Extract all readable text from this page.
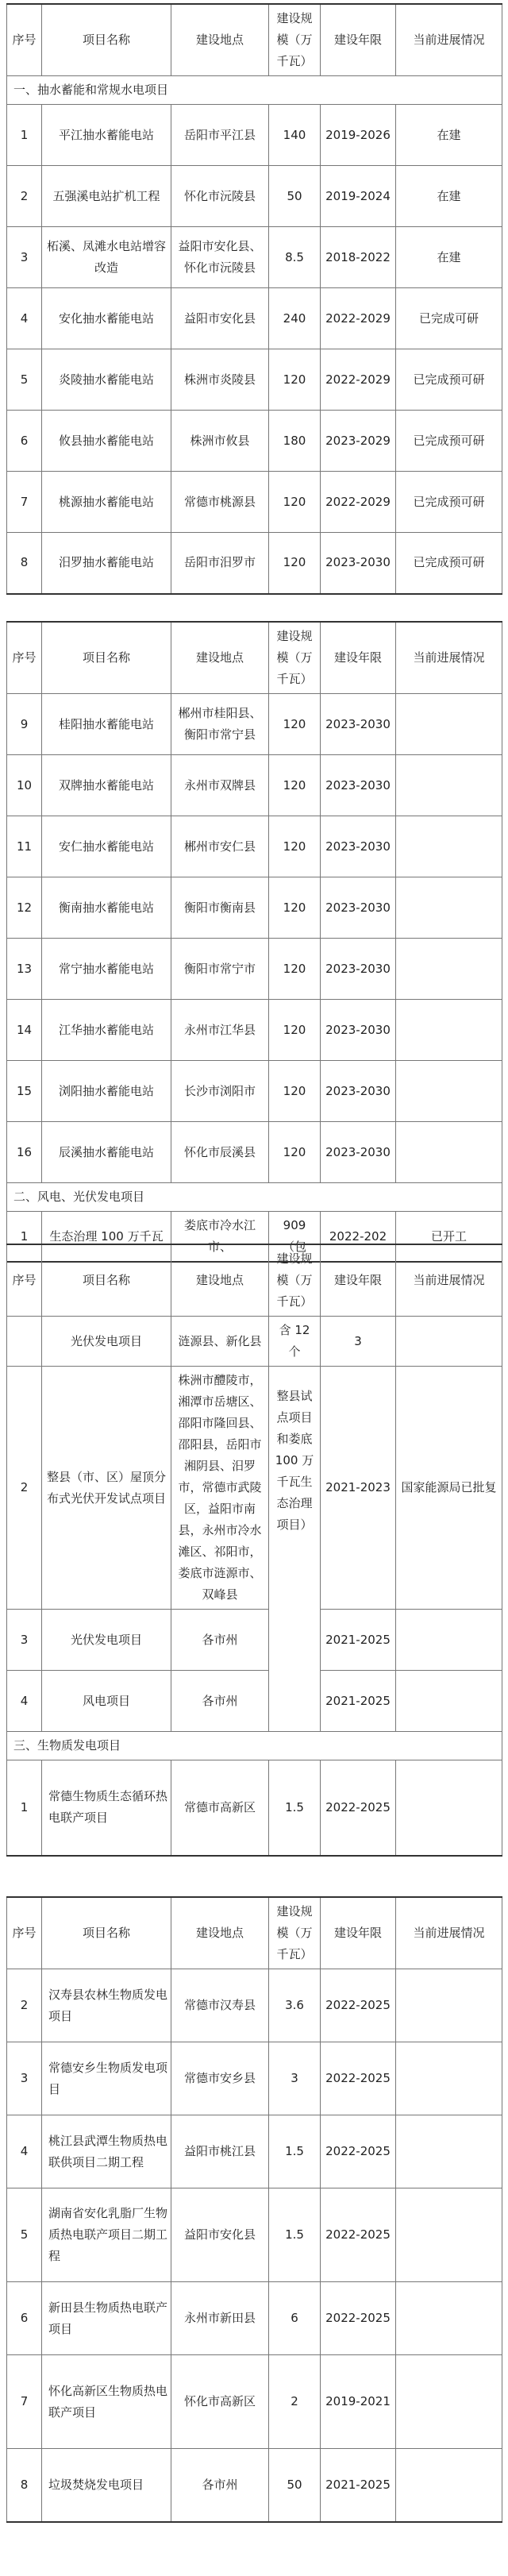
序号	项目名称	建设地点	建设规模（万千瓦）	建设年限	当前进展情况
一、抽水蓄能和常规水电项目					
1	平江抽水蓄能电站	岳阳市平江县	140	2019-2026	在建
2	五强溪电站扩机工程	怀化市沅陵县	50	2019-2024	在建
3	柘溪、凤滩水电站增容改造	益阳市安化县、怀化市沅陵县	8.5	2018-2022	在建
4	安化抽水蓄能电站	益阳市安化县	240	2022-2029	已完成可研
5	炎陵抽水蓄能电站	株洲市炎陵县	120	2022-2029	已完成预可研
6	攸县抽水蓄能电站	株洲市攸县	180	2023-2029	已完成预可研
7	桃源抽水蓄能电站	常德市桃源县	120	2022-2029	已完成预可研
8	汨罗抽水蓄能电站	岳阳市汨罗市	120	2023-2030	已完成预可研
序号	项目名称	建设地点	建设规模（万千瓦）	建设年限	当前进展情况
9	桂阳抽水蓄能电站	郴州市桂阳县、衡阳市常宁县	120	2023-2030	
10	双牌抽水蓄能电站	永州市双牌县	120	2023-2030	
11	安仁抽水蓄能电站	郴州市安仁县	120	2023-2030	
12	衡南抽水蓄能电站	衡阳市衡南县	120	2023-2030	
13	常宁抽水蓄能电站	衡阳市常宁市	120	2023-2030	
14	江华抽水蓄能电站	永州市江华县	120	2023-2030	
15	浏阳抽水蓄能电站	长沙市浏阳市	120	2023-2030	
16	辰溪抽水蓄能电站	怀化市辰溪县	120	2023-2030	
二、风电、光伏发电项目					
1	生态治理 100 万千瓦	娄底市冷水江市、	909（包	2022-202	已开工
序号	项目名称	建设地点	建设规模（万千瓦）	建设年限	当前进展情况
	光伏发电项目	涟源县、新化县	含 12 个	3	
2	整县（市、区）屋顶分布式光伏开发试点项目	株洲市醴陵市，湘潭市岳塘区、邵阳市隆回县、邵阳县，岳阳市湘阴县、汨罗市，常德市武陵区，益阳市南县，永州市冷水滩区、祁阳市，娄底市涟源市、双峰县	整县试点项目和娄底 100 万千瓦生态治理项目）	2021-2023	国家能源局已批复
3	光伏发电项目	各市州		2021-2025	
4	风电项目	各市州		2021-2025	
三、生物质发电项目					
1	常德生物质生态循环热电联产项目	常德市高新区	1.5	2022-2025	
序号	项目名称	建设地点	建设规模（万千瓦）	建设年限	当前进展情况
2	汉寿县农林生物质发电项目	常德市汉寿县	3.6	2022-2025	
3	常德安乡生物质发电项目	常德市安乡县	3	2022-2025	
4	桃江县武潭生物质热电联供项目二期工程	益阳市桃江县	1.5	2022-2025	
5	湖南省安化乳脂厂生物质热电联产项目二期工程	益阳市安化县	1.5	2022-2025	
6	新田县生物质热电联产项目	永州市新田县	6	2022-2025	
7	怀化高新区生物质热电联产项目	怀化市高新区	2	2019-2021	
8	垃圾焚烧发电项目	各市州	50	2021-2025	
